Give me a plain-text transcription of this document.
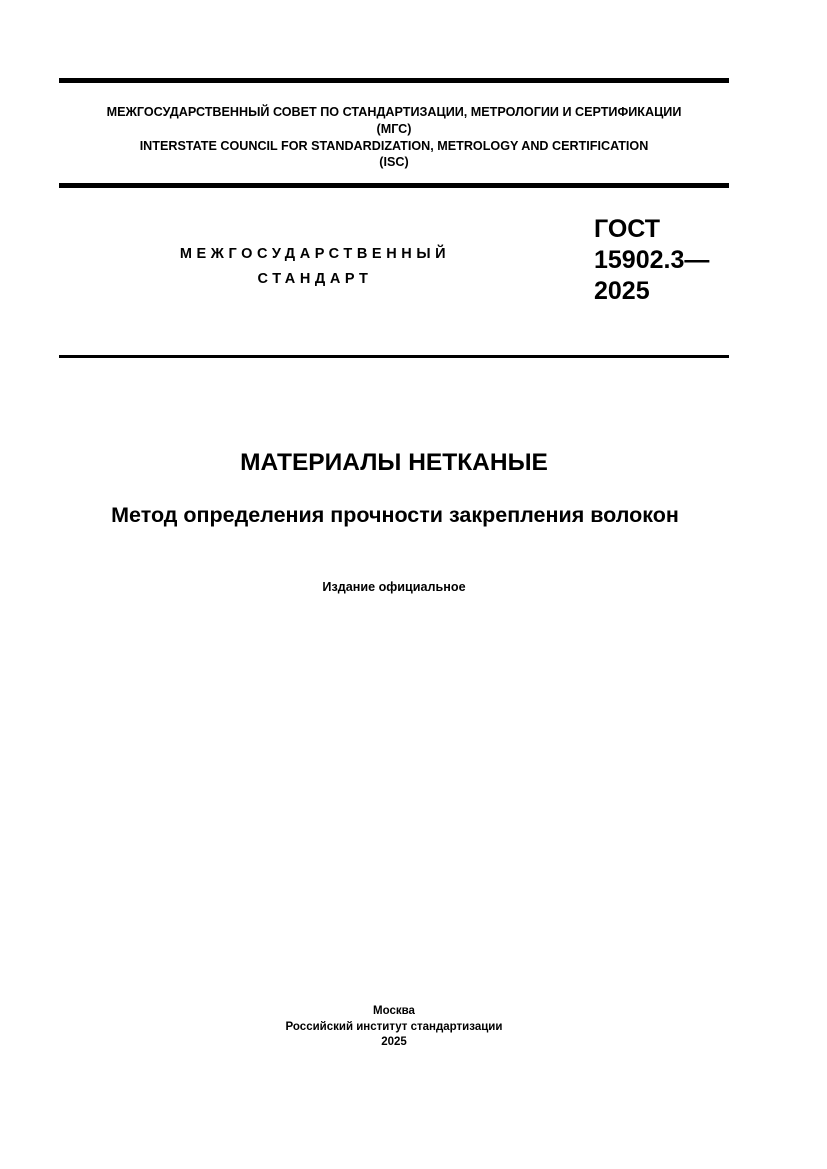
МЕЖГОСУДАРСТВЕННЫЙ СОВЕТ ПО СТАНДАРТИЗАЦИИ, МЕТРОЛОГИИ И СЕРТИФИКАЦИИ
(МГС)
INTERSTATE COUNCIL FOR STANDARDIZATION, METROLOGY AND CERTIFICATION
(ISC)
МЕЖГОСУДАРСТВЕННЫЙ
СТАНДАРТ
ГОСТ
15902.3—
2025
МАТЕРИАЛЫ НЕТКАНЫЕ
Метод определения прочности закрепления волокон
Издание официальное
Москва
Российский институт стандартизации
2025
